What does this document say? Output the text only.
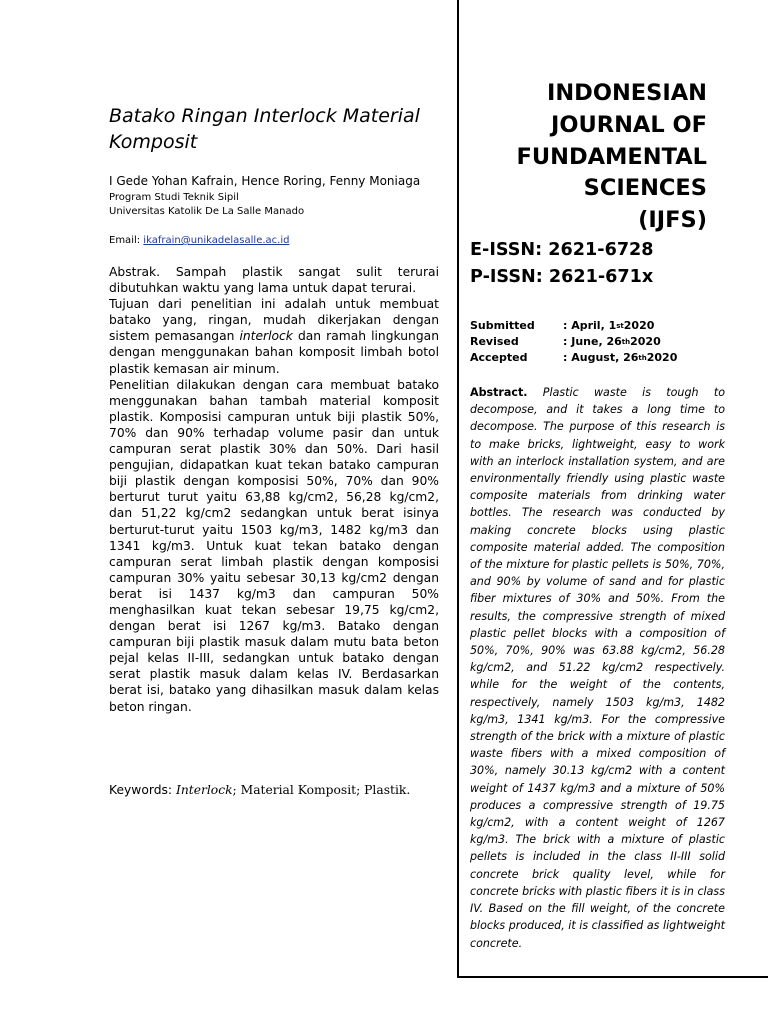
Batako Ringan Interlock Material Komposit
I Gede Yohan Kafrain, Hence Roring, Fenny Moniaga
Program Studi Teknik Sipil
Universitas Katolik De La Salle Manado
Email: ikafrain@unikadelasalle.ac.id
Abstrak. Sampah plastik sangat sulit terurai dibutuhkan waktu yang lama untuk dapat terurai.
Tujuan dari penelitian ini adalah untuk membuat batako yang, ringan, mudah dikerjakan dengan sistem pemasangan interlock dan ramah lingkungan dengan menggunakan bahan komposit limbah botol plastik kemasan air minum.
Penelitian dilakukan dengan cara membuat batako menggunakan bahan tambah material komposit plastik. Komposisi campuran untuk biji plastik 50%, 70% dan 90% terhadap volume pasir dan untuk campuran serat plastik 30% dan 50%. Dari hasil pengujian, didapatkan kuat tekan batako campuran biji plastik dengan komposisi 50%, 70% dan 90% berturut turut yaitu 63,88 kg/cm2, 56,28 kg/cm2, dan 51,22 kg/cm2 sedangkan untuk berat isinya berturut-turut yaitu 1503 kg/m3, 1482 kg/m3 dan 1341 kg/m3. Untuk kuat tekan batako dengan campuran serat limbah plastik dengan komposisi campuran 30% yaitu sebesar 30,13 kg/cm2 dengan berat isi 1437 kg/m3 dan campuran 50% menghasilkan kuat tekan sebesar 19,75 kg/cm2, dengan berat isi 1267 kg/m3. Batako dengan campuran biji plastik masuk dalam mutu bata beton pejal kelas II-III, sedangkan untuk batako dengan serat plastik masuk dalam kelas IV. Berdasarkan berat isi, batako yang dihasilkan masuk dalam kelas beton ringan.
Keywords: Interlock; Material Komposit; Plastik.
INDONESIAN
JOURNAL OF
FUNDAMENTAL
SCIENCES
(IJFS)
E-ISSN: 2621-6728
P-ISSN: 2621-671x
Submitted	: April, 1 st 2020
Revised	: June, 26 th 2020
Accepted	: August, 26 th 2020
Abstract. Plastic waste is tough to decompose, and it takes a long time to decompose. The purpose of this research is to make bricks, lightweight, easy to work with an interlock installation system, and are environmentally friendly using plastic waste composite materials from drinking water bottles. The research was conducted by making concrete blocks using plastic composite material added. The composition of the mixture for plastic pellets is 50%, 70%, and 90% by volume of sand and for plastic fiber mixtures of 30% and 50%. From the results, the compressive strength of mixed plastic pellet blocks with a composition of 50%, 70%, 90% was 63.88 kg/cm2, 56.28 kg/cm2, and 51.22 kg/cm2 respectively. while for the weight of the contents, respectively, namely 1503 kg/m3, 1482 kg/m3, 1341 kg/m3. For the compressive strength of the brick with a mixture of plastic waste fibers with a mixed composition of 30%, namely 30.13 kg/cm2 with a content weight of 1437 kg/m3 and a mixture of 50% produces a compressive strength of 19.75 kg/cm2, with a content weight of 1267 kg/m3. The brick with a mixture of plastic pellets is included in the class II-III solid concrete brick quality level, while for concrete bricks with plastic fibers it is in class IV. Based on the fill weight, of the concrete blocks produced, it is classified as lightweight concrete.
